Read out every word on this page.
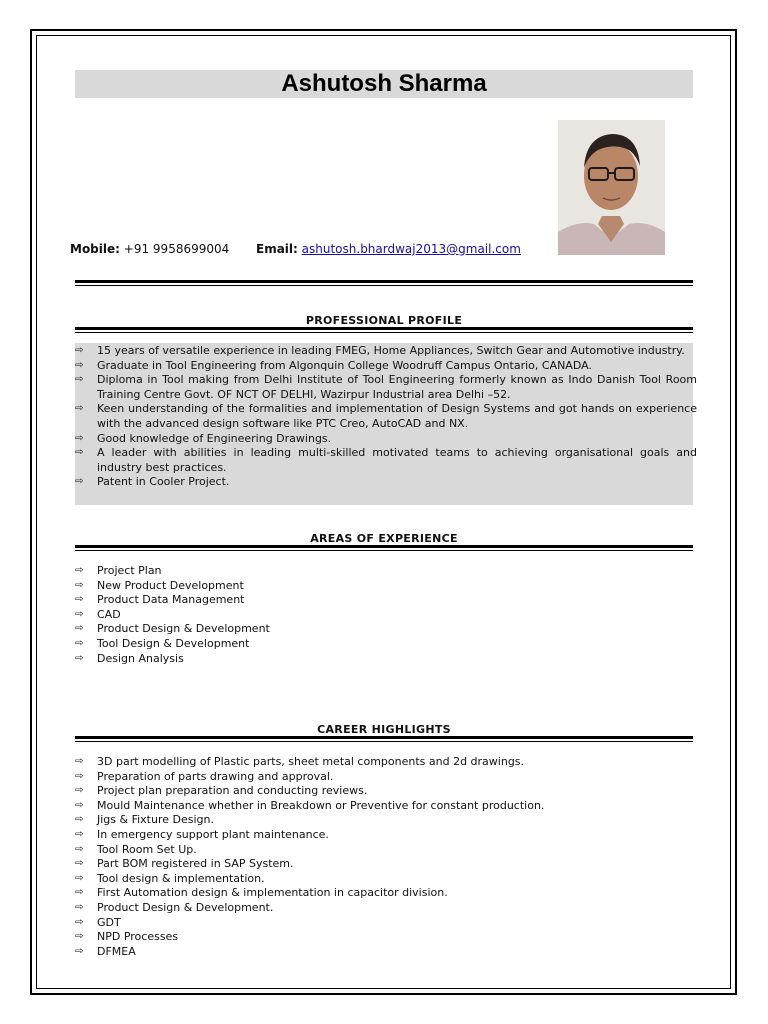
Ashutosh Sharma
Mobile: +91 9958699004 Email: ashutosh.bhardwaj2013@gmail.com
PROFESSIONAL PROFILE
⇨ 15 years of versatile experience in leading FMEG, Home Appliances, Switch Gear and Automotive industry.
⇨ Graduate in Tool Engineering from Algonquin College Woodruff Campus Ontario, CANADA.
⇨ Diploma in Tool making from Delhi Institute of Tool Engineering formerly known as Indo Danish Tool Room Training Centre Govt. OF NCT OF DELHI, Wazirpur Industrial area Delhi –52.
⇨ Keen understanding of the formalities and implementation of Design Systems and got hands on experience with the advanced design software like PTC Creo, AutoCAD and NX.
⇨ Good knowledge of Engineering Drawings.
⇨ A leader with abilities in leading multi-skilled motivated teams to achieving organisational goals and industry best practices.
⇨ Patent in Cooler Project.
AREAS OF EXPERIENCE
⇨ Project Plan
⇨ New Product Development
⇨ Product Data Management
⇨ CAD
⇨ Product Design & Development
⇨ Tool Design & Development
⇨ Design Analysis
CAREER HIGHLIGHTS
⇨ 3D part modelling of Plastic parts, sheet metal components and 2d drawings.
⇨ Preparation of parts drawing and approval.
⇨ Project plan preparation and conducting reviews.
⇨ Mould Maintenance whether in Breakdown or Preventive for constant production.
⇨ Jigs & Fixture Design.
⇨ In emergency support plant maintenance.
⇨ Tool Room Set Up.
⇨ Part BOM registered in SAP System.
⇨ Tool design & implementation.
⇨ First Automation design & implementation in capacitor division.
⇨ Product Design & Development.
⇨ GDT
⇨ NPD Processes
⇨ DFMEA
